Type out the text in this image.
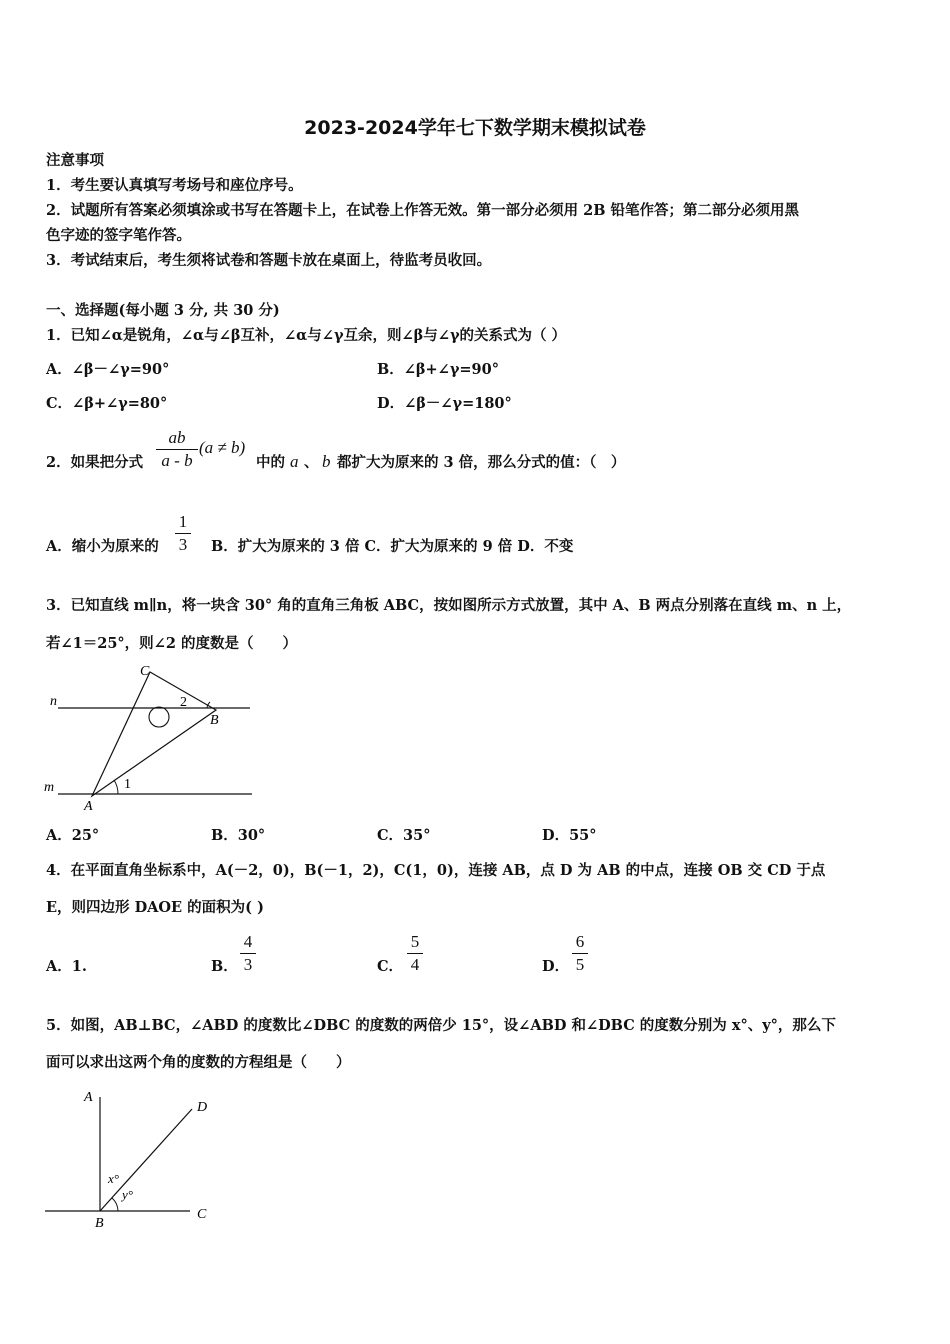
2023-2024学年七下数学期末模拟试卷
注意事项
1．考生要认真填写考场号和座位序号。
2．试题所有答案必须填涂或书写在答题卡上，在试卷上作答无效。第一部分必须用 2B 铅笔作答；第二部分必须用黑
色字迹的签字笔作答。
3．考试结束后，考生须将试卷和答题卡放在桌面上，待监考员收回。
一、选择题(每小题 3 分, 共 30 分)
1．已知∠α是锐角，∠α与∠β互补，∠α与∠γ互余，则∠β与∠γ的关系式为（ ）
A．∠β－∠γ=90°	B．∠β+∠γ=90°
C．∠β+∠γ=80°	D．∠β－∠γ=180°
2．如果把分式
ab
a - b
(a ≠ b)
中的 a 、 b 都扩大为原来的 3 倍，那么分式的值：（　）
A．缩小为原来的
1
3 B．扩大为原来的 3 倍 C．扩大为原来的 9 倍 D．不变
3．已知直线 m∥n，将一块含 30° 角的直角三角板 ABC，按如图所示方式放置，其中 A、B 两点分别落在直线 m、n 上，
若∠1＝25°，则∠2 的度数是（　　）
n
m
C
B
A
1
2
A．25°	B．30°	C．35°	D．55°
4．在平面直角坐标系中，A(－2，0)，B(－1，2)，C(1，0)，连接 AB，点 D 为 AB 的中点，连接 OB 交 CD 于点
E，则四边形 DAOE 的面积为( )
A．1.	B．
4
3	C．
5
4	D．
6
5
5．如图，AB⊥BC，∠ABD 的度数比∠DBC 的度数的两倍少 15°，设∠ABD 和∠DBC 的度数分别为 x°、y°，那么下
面可以求出这两个角的度数的方程组是（　　）
A
D
B
C
x°
y°
